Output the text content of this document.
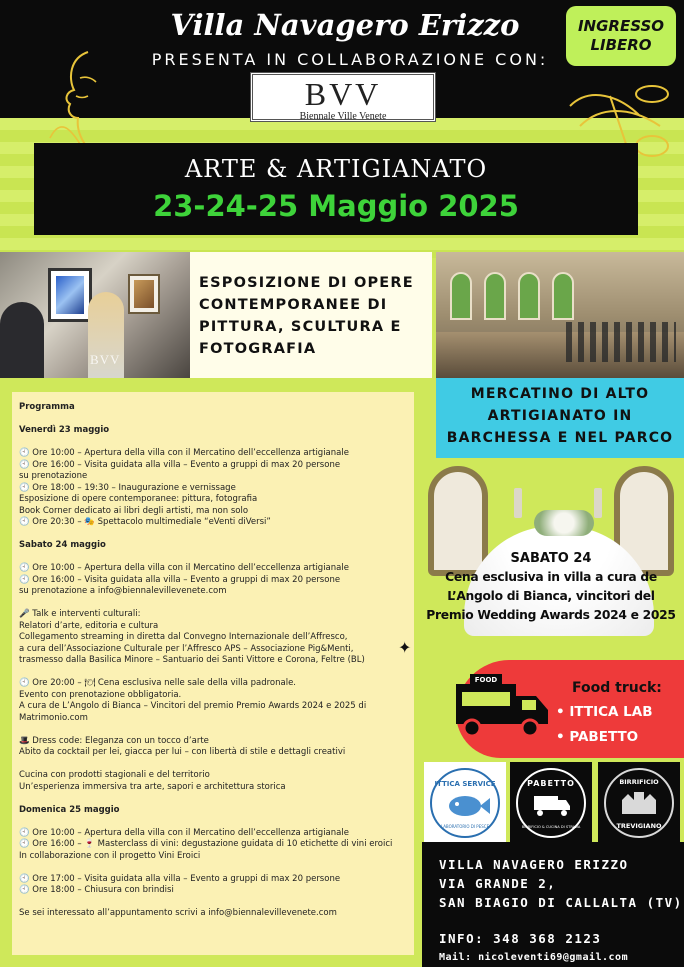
Villa Navagero Erizzo
PRESENTA IN COLLABORAZIONE CON:
INGRESSO
LIBERO
BVV
Biennale Ville Venete
ARTE & ARTIGIANATO
23-24-25 Maggio 2025
BVV
ESPOSIZIONE DI OPERE
CONTEMPORANEE DI
PITTURA, SCULTURA E
FOTOGRAFIA
Programma
Venerdì 23 maggio
🕙 Ore 10:00 – Apertura della villa con il Mercatino dell’eccellenza artigianale
🕙 Ore 16:00 – Visita guidata alla villa – Evento a gruppi di max 20 persone
su prenotazione
🕙 Ore 18:00 – 19:30 – Inaugurazione e vernissage
Esposizione di opere contemporanee: pittura, fotografia
Book Corner dedicato ai libri degli artisti, ma non solo
🕙 Ore 20:30 – 🎭 Spettacolo multimediale “eVenti diVersi”
Sabato 24 maggio
🕙 Ore 10:00 – Apertura della villa con il Mercatino dell’eccellenza artigianale
🕙 Ore 16:00 – Visita guidata alla villa – Evento a gruppi di max 20 persone
su prenotazione a info@biennalevillevenete.com
🎤 Talk e interventi culturali:
Relatori d’arte, editoria e cultura
Collegamento streaming in diretta dal Convegno Internazionale dell’Affresco,
a cura dell’Associazione Culturale per l’Affresco APS – Associazione Pig&Menti,
trasmesso dalla Basilica Minore – Santuario dei Santi Vittore e Corona, Feltre (BL)
🕙 Ore 20:00 – 🍽 Cena esclusiva nelle sale della villa padronale.
Evento con prenotazione obbligatoria.
A cura de L’Angolo di Bianca – Vincitori del premio Premio Awards 2024 e 2025 di
Matrimonio.com
🎩 Dress code: Eleganza con un tocco d’arte
Abito da cocktail per lei, giacca per lui – con libertà di stile e dettagli creativi
Cucina con prodotti stagionali e del territorio
Un’esperienza immersiva tra arte, sapori e architettura storica
Domenica 25 maggio
🕙 Ore 10:00 – Apertura della villa con il Mercatino dell’eccellenza artigianale
🕙 Ore 16:00 – 🍷 Masterclass di vini: degustazione guidata di 10 etichette di vini eroici
In collaborazione con il progetto Vini Eroici
🕙 Ore 17:00 – Visita guidata alla villa – Evento a gruppi di max 20 persone
🕙 Ore 18:00 – Chiusura con brindisi
Se sei interessato all’appuntamento scrivi a info@biennalevillevenete.com
MERCATINO DI ALTO
ARTIGIANATO IN
BARCHESSA E NEL PARCO
SABATO 24
Cena esclusiva in villa a cura de
L’Angolo di Bianca, vincitori del
Premio Wedding Awards 2024 e 2025
✦
FOOD	Food truck:
• ITTICA LAB
• PABETTO
ITTICA SERVICE
LABORATORIO DI PESCE
PABETTO
BIRRIFICIO & CUCINA DI STRADA
BIRRIFICIO
TREVIGIANO
VILLA NAVAGERO ERIZZO
VIA GRANDE 2,
SAN BIAGIO DI CALLALTA (TV)
INFO: 348 368 2123
Mail: nicoleventi69@gmail.com
